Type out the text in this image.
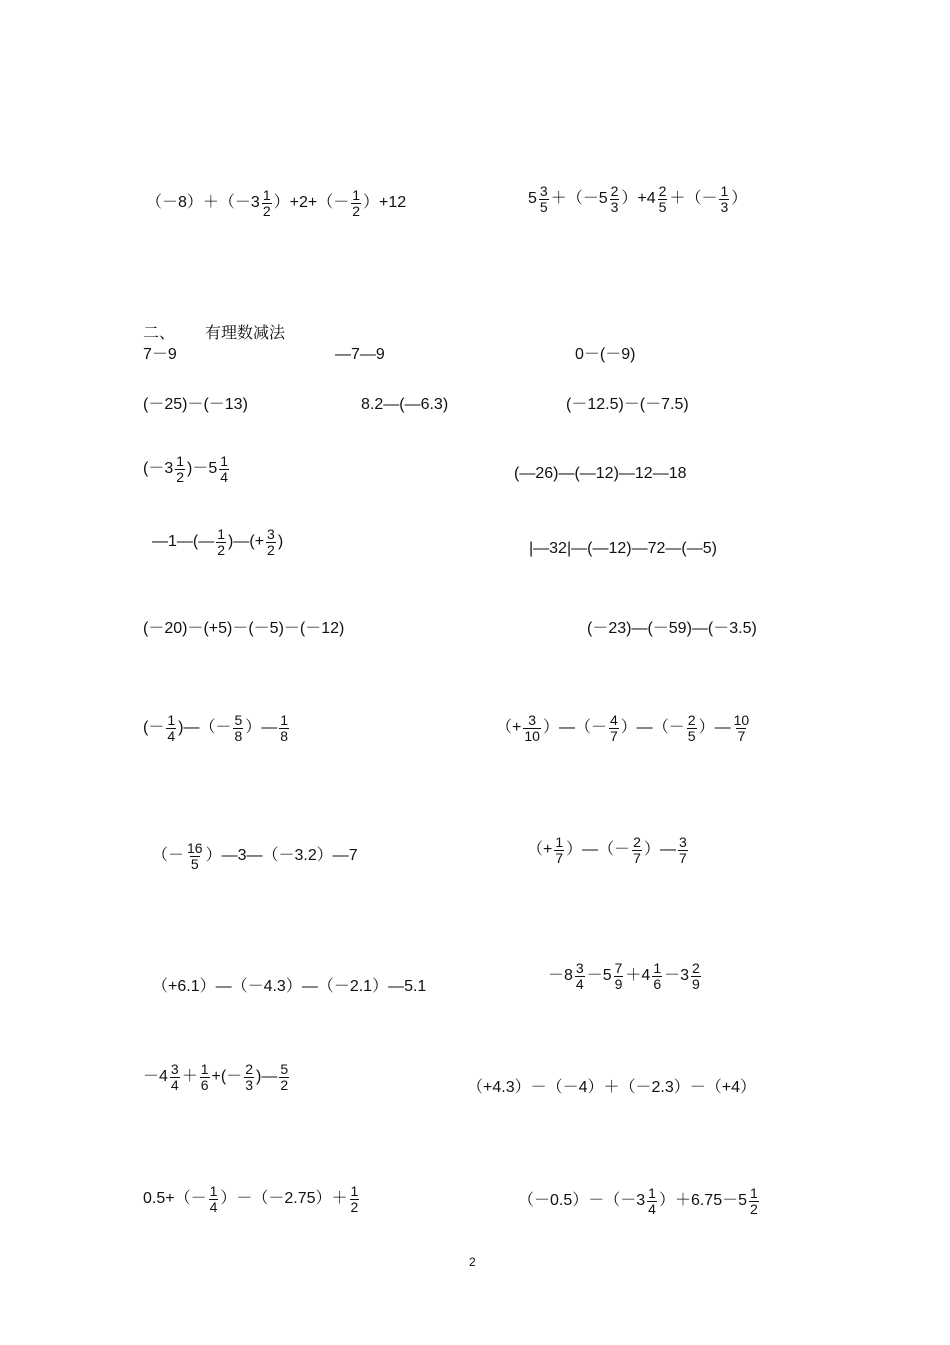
二、 有理数减法
$(-8)+(-3 \frac{1}{2} )+2+(- \frac{1}{2} )+12$	$5 \frac{3}{5} +(-5 \frac{2}{3} )+4 \frac{2}{5}$ ＋（－ $\frac{1}{3}$ ）
7－9	—7—9	0－(－9)
(－25)－(－13)	8.2—(—6.3)	(－12.5)－(－7.5)
$(-3 \frac{1}{2} )-5 \frac{1}{4}$	(—26)—(—12)—12—18
—1—(— $\frac{1}{2}$ )—(+ $\frac{3}{2}$ )	|—32|—(—12)—72—(—5)
(－20)－(+5)－(－5)－(－12)	(－23)—(－59)—(－3.5)
(－ $\frac{1}{4}$ )—（－ $\frac{5}{8}$ ）— $\frac{1}{8}$	（+ $\frac{3}{10}$ ）—（－ $\frac{4}{7}$ ）—（－ $\frac{2}{5}$ ）— $\frac{10}{7}$
（－ $\frac{16}{5}$ ）—3—（－3.2）—7	（+ $\frac{1}{7}$ ）—（－ $\frac{2}{7}$ ）— $\frac{3}{7}$
（+6.1）—（－4.3）—（－2.1）—5.1
$-8 \frac{3}{4} -5 \frac{7}{9} +4 \frac{1}{6} -3 \frac{2}{9}$
$-4 \frac{3}{4} + \frac{1}{6}$ +(－ $\frac{2}{3}$ )— $\frac{5}{2}$	（+4.3）－（－4）＋（－2.3）－（+4）
$0.5+(- \frac{1}{4} )-(-2.75)+ \frac{1}{2}$	$(-0.5)-(-3 \frac{1}{4} )+6.75-5 \frac{1}{2}$
2
